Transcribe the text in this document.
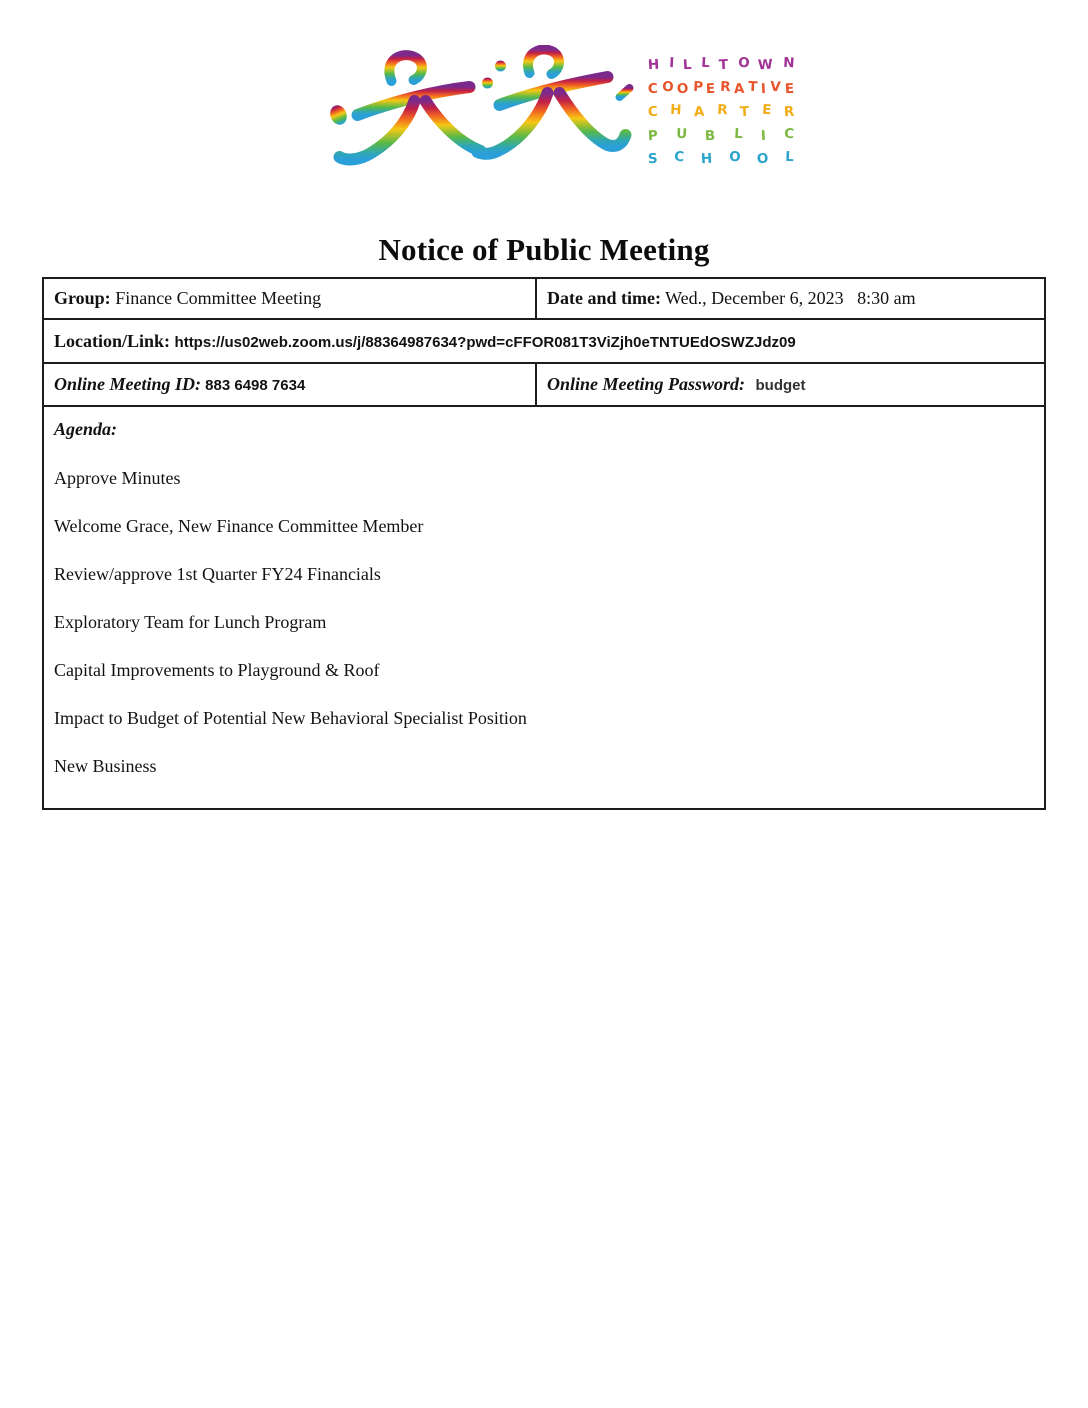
H I L L T O W N
C O O P E R A T I V E
C H A R T E R
P U B L I C
S C H O O L
Notice of Public Meeting
Group: Finance Committee Meeting	Date and time: Wed., December 6, 2023   8:30 am
Location/Link: https://us02web.zoom.us/j/88364987634?pwd=cFFOR081T3ViZjh0eTNTUEdOSWZJdz09	
Online Meeting ID: 883 6498 7634	Online Meeting Password: budget

Agenda:

Approve Minutes

Welcome Grace, New Finance Committee Member

Review/approve 1st Quarter FY24 Financials

Exploratory Team for Lunch Program

Capital Improvements to Playground & Roof

Impact to Budget of Potential New Behavioral Specialist Position

New Business
